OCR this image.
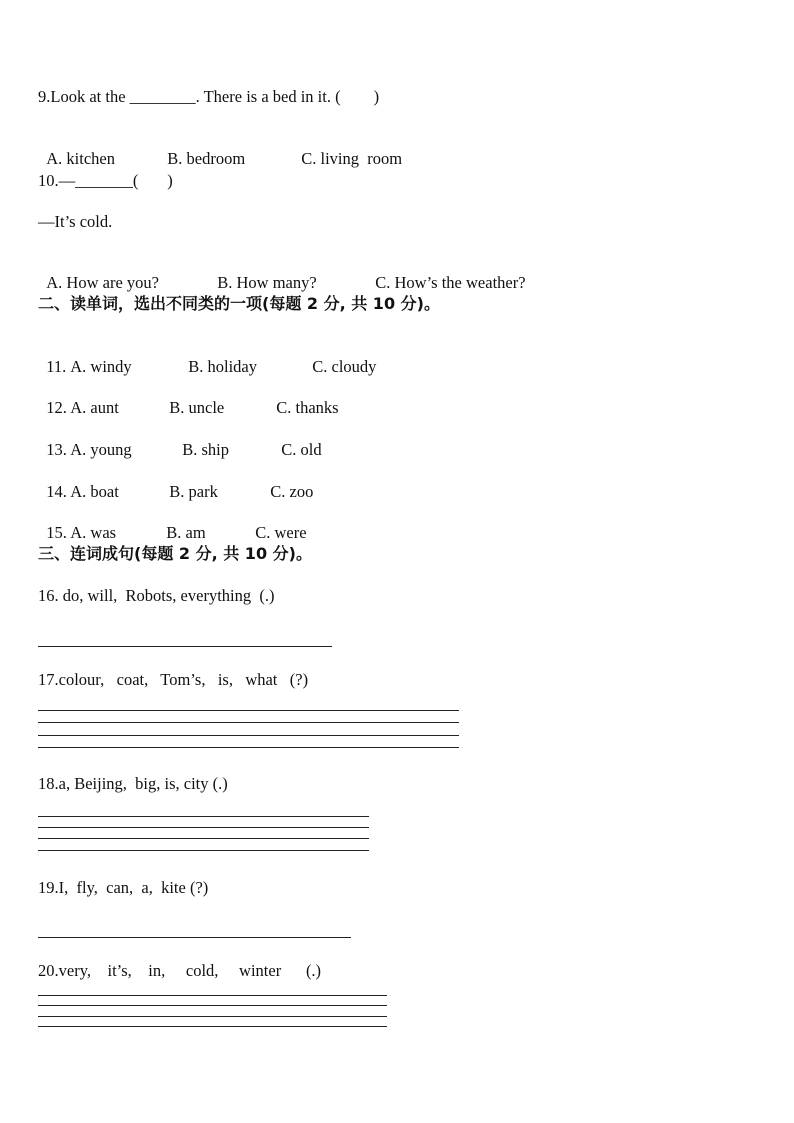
9.Look at the ________. There is a bed in it. (        )

A. kitchen	B. bedroom	C. living  room

10.—_______(       )
—It’s cold.

A. How are you?	B. How many?	C. How’s the weather?

二、读单词，选出不同类的一项(每题 2 分, 共 10 分)。

11. A. windy	B. holiday	C. cloudy

12. A. aunt	B. uncle	C. thanks

13. A. young	B. ship	C. old

14. A. boat	B. park	C. zoo

15. A. was	B. am	C. were

三、连词成句(每题 2 分, 共 10 分)。
16. do, will,  Robots, everything  (.)
17.colour,   coat,   Tom’s,   is,   what   (?)
18.a, Beijing,  big, is, city (.)
19.I,  fly,  can,  a,  kite (?)
20.very,    it’s,    in,     cold,     winter      (.)
